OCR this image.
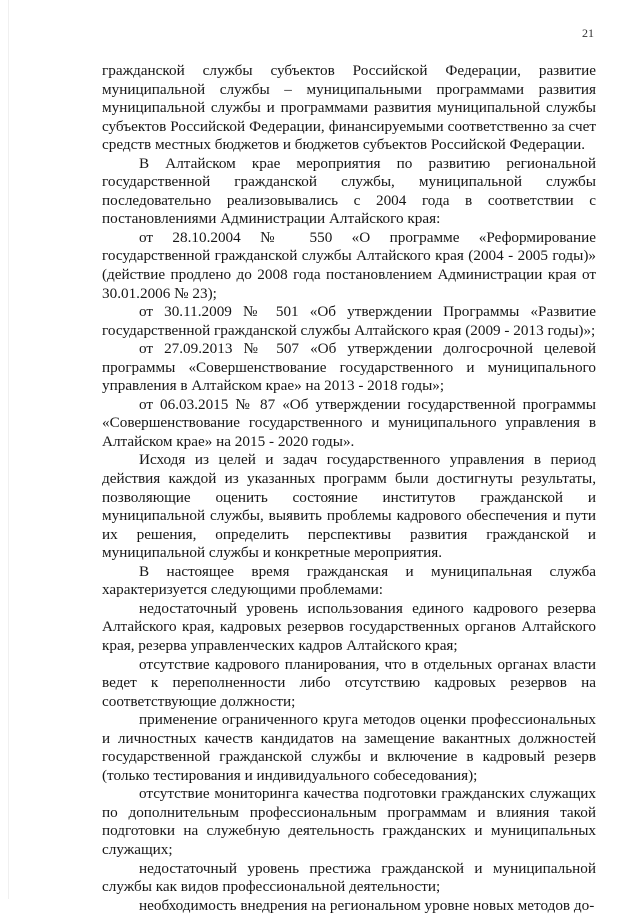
21

гражданской службы субъектов Российской Федерации, развитие муниципальной службы – муниципальными программами развития муниципальной службы и программами развития муниципальной службы субъектов Российской Федерации, финансируемыми соответственно за счет средств местных бюджетов и бюджетов субъектов Российской Федерации.

В Алтайском крае мероприятия по развитию региональной государственной гражданской службы, муниципальной службы последовательно реализовывались с 2004 года в соответствии с постановлениями Администрации Алтайского края:

от 28.10.2004 № 550 «О программе «Реформирование государственной гражданской службы Алтайского края (2004 - 2005 годы)» (действие продлено до 2008 года постановлением Администрации края от 30.01.2006 № 23);

от 30.11.2009 № 501 «Об утверждении Программы «Развитие государственной гражданской службы Алтайского края (2009 - 2013 годы)»;

от 27.09.2013 № 507 «Об утверждении долгосрочной целевой программы «Совершенствование государственного и муниципального управления в Алтайском крае» на 2013 - 2018 годы»;

от 06.03.2015 № 87 «Об утверждении государственной программы «Совершенствование государственного и муниципального управления в Алтайском крае» на 2015 - 2020 годы».

Исходя из целей и задач государственного управления в период действия каждой из указанных программ были достигнуты результаты, позволяющие оценить состояние институтов гражданской и муниципальной службы, выявить проблемы кадрового обеспечения и пути их решения, определить перспективы развития гражданской и муниципальной службы и конкретные мероприятия.

В настоящее время гражданская и муниципальная служба характеризуется следующими проблемами:

недостаточный уровень использования единого кадрового резерва Алтайского края, кадровых резервов государственных органов Алтайского края, резерва управленческих кадров Алтайского края;

отсутствие кадрового планирования, что в отдельных органах власти ведет к переполненности либо отсутствию кадровых резервов на соответствующие должности;

применение ограниченного круга методов оценки профессиональных и личностных качеств кандидатов на замещение вакантных должностей государственной гражданской службы и включение в кадровый резерв (только тестирования и индивидуального собеседования);

отсутствие мониторинга качества подготовки гражданских служащих по дополнительным профессиональным программам и влияния такой подготовки на служебную деятельность гражданских и муниципальных служащих;

недостаточный уровень престижа гражданской и муниципальной службы как видов профессиональной деятельности;

необходимость внедрения на региональном уровне новых методов до-
